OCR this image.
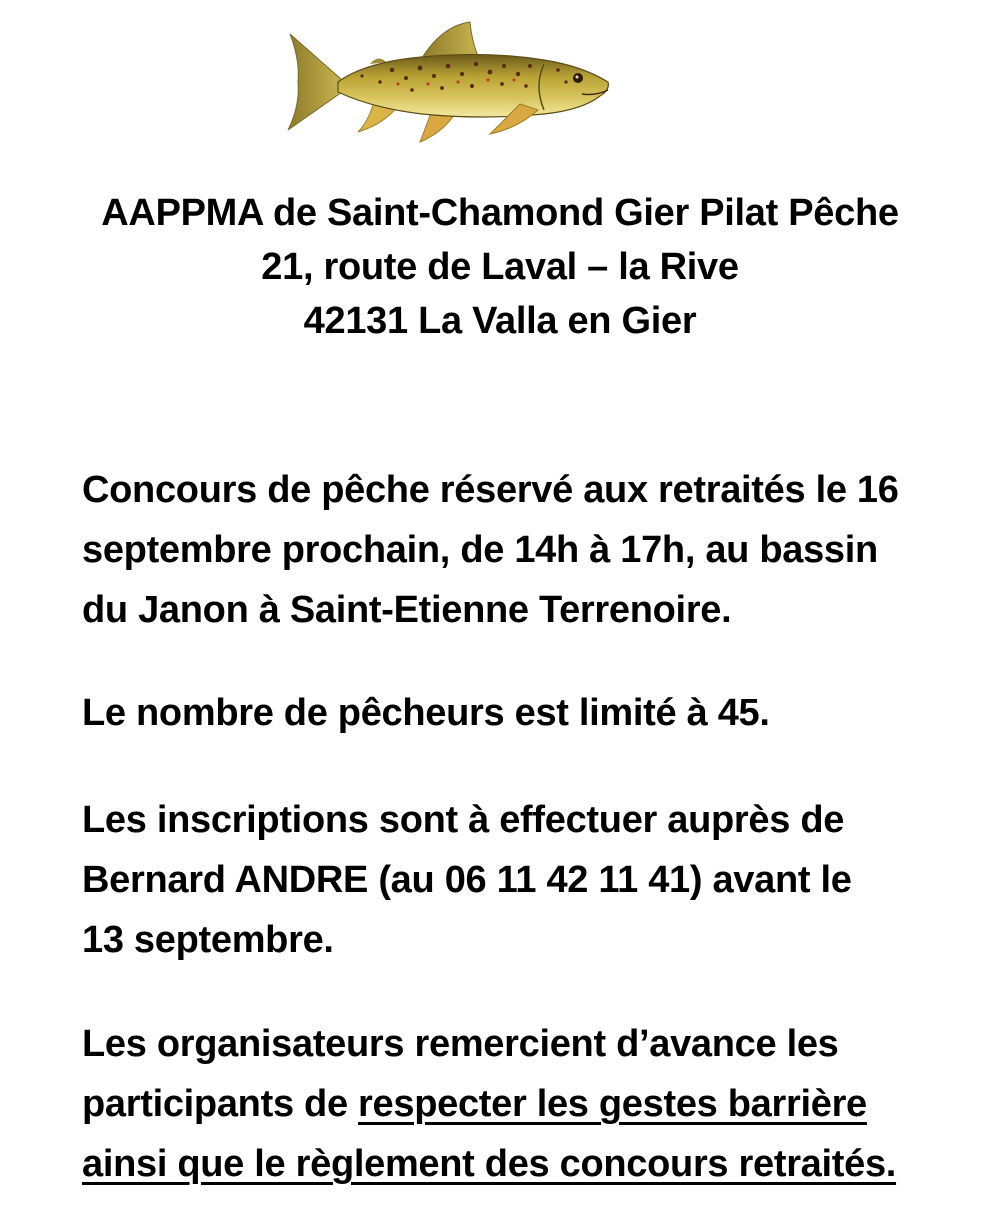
AAPPMA de Saint-Chamond Gier Pilat Pêche
21, route de Laval – la Rive
42131 La Valla en Gier
Concours de pêche réservé aux retraités le 16
septembre prochain, de 14h à 17h, au bassin
du Janon à Saint-Etienne Terrenoire.
Le nombre de pêcheurs est limité à 45.
Les inscriptions sont à effectuer auprès de
Bernard ANDRE (au 06 11 42 11 41) avant le
13 septembre.
Les organisateurs remercient d’avance les
participants de respecter les gestes barrière
ainsi que le règlement des concours retraités.
